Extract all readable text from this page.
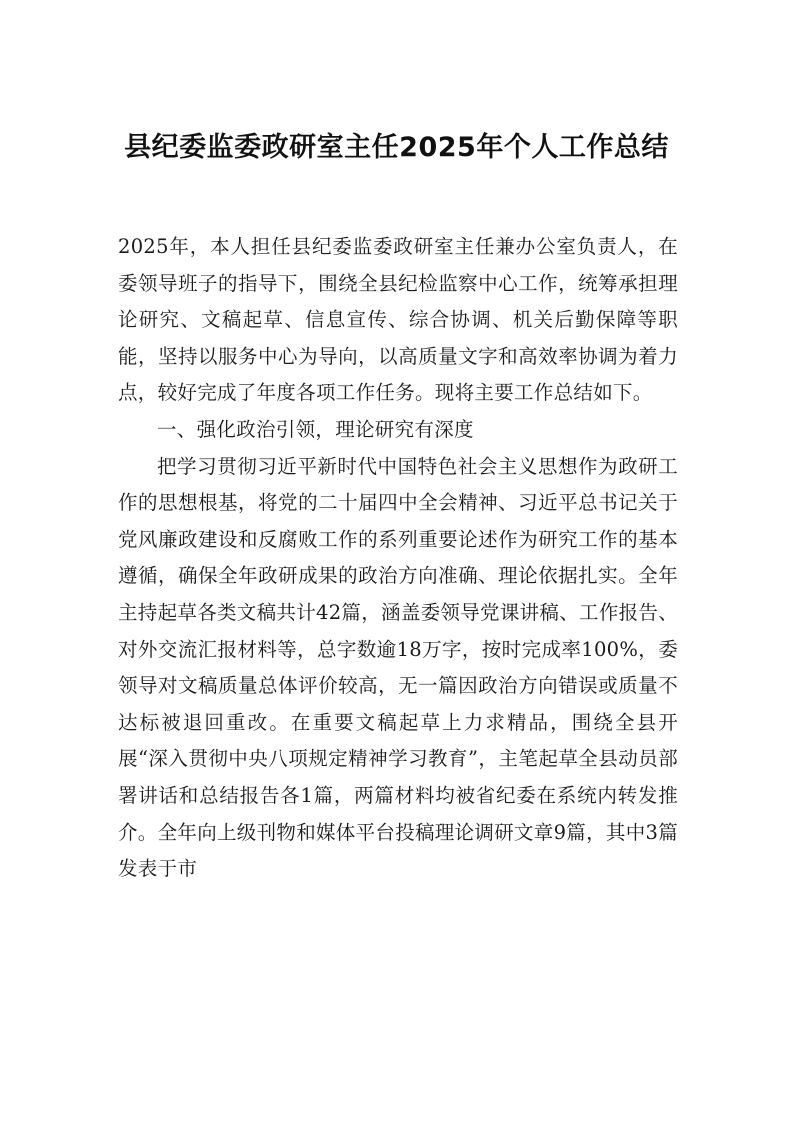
县纪委监委政研室主任2025年个人工作总结

2025年，本人担任县纪委监委政研室主任兼办公室负责人，在委领导班子的指导下，围绕全县纪检监察中心工作，统筹承担理论研究、文稿起草、信息宣传、综合协调、机关后勤保障等职能，坚持以服务中心为导向，以高质量文字和高效率协调为着力点，较好完成了年度各项工作任务。现将主要工作总结如下。

一、强化政治引领，理论研究有深度

把学习贯彻习近平新时代中国特色社会主义思想作为政研工作的思想根基，将党的二十届四中全会精神、习近平总书记关于党风廉政建设和反腐败工作的系列重要论述作为研究工作的基本遵循，确保全年政研成果的政治方向准确、理论依据扎实。全年主持起草各类文稿共计42篇，涵盖委领导党课讲稿、工作报告、对外交流汇报材料等，总字数逾18万字，按时完成率100%，委领导对文稿质量总体评价较高，无一篇因政治方向错误或质量不达标被退回重改。在重要文稿起草上力求精品，围绕全县开展“深入贯彻中央八项规定精神学习教育”，主笔起草全县动员部署讲话和总结报告各1篇，两篇材料均被省纪委在系统内转发推介。全年向上级刊物和媒体平台投稿理论调研文章9篇，其中3篇发表于市
